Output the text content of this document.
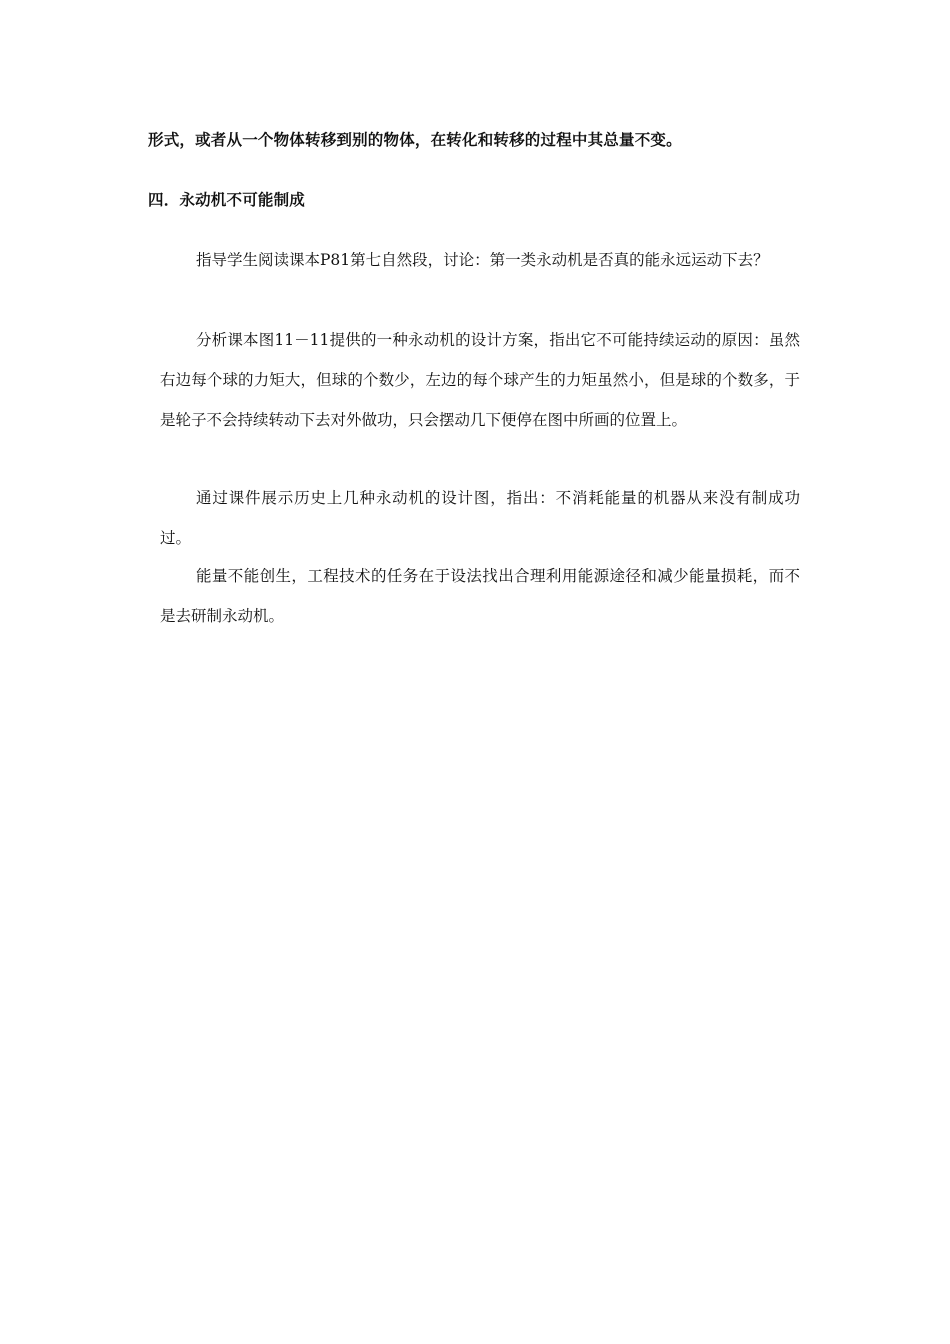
形式，或者从一个物体转移到别的物体，在转化和转移的过程中其总量不变。
四．永动机不可能制成

指导学生阅读课本P81第七自然段，讨论：第一类永动机是否真的能永远运动下去？

分析课本图11－11提供的一种永动机的设计方案，指出它不可能持续运动的原因：虽然右边每个球的力矩大，但球的个数少，左边的每个球产生的力矩虽然小，但是球的个数多，于是轮子不会持续转动下去对外做功，只会摆动几下便停在图中所画的位置上。

通过课件展示历史上几种永动机的设计图，指出：不消耗能量的机器从来没有制成功过。

能量不能创生，工程技术的任务在于设法找出合理利用能源途径和减少能量损耗，而不是去研制永动机。
